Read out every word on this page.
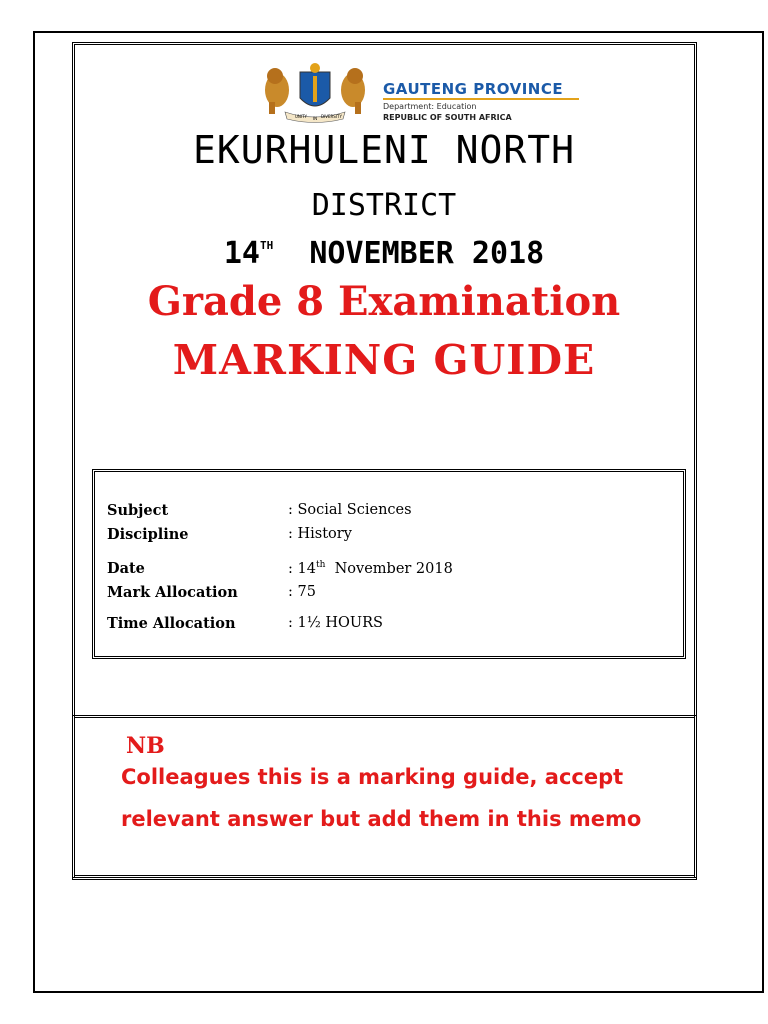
UNITY IN DIVERSITY
GAUTENG PROVINCE
Department: Education
REPUBLIC OF SOUTH AFRICA
EKURHULENI NORTH
DISTRICT
14TH NOVEMBER 2018
Grade 8 Examination
MARKING GUIDE
Subject	: Social Sciences
Discipline	: History
Date	: 14th November 2018
Mark Allocation	: 75
Time Allocation	: 1½ HOURS
NB
Colleagues this is a marking guide, accept
relevant answer but add them in this memo
